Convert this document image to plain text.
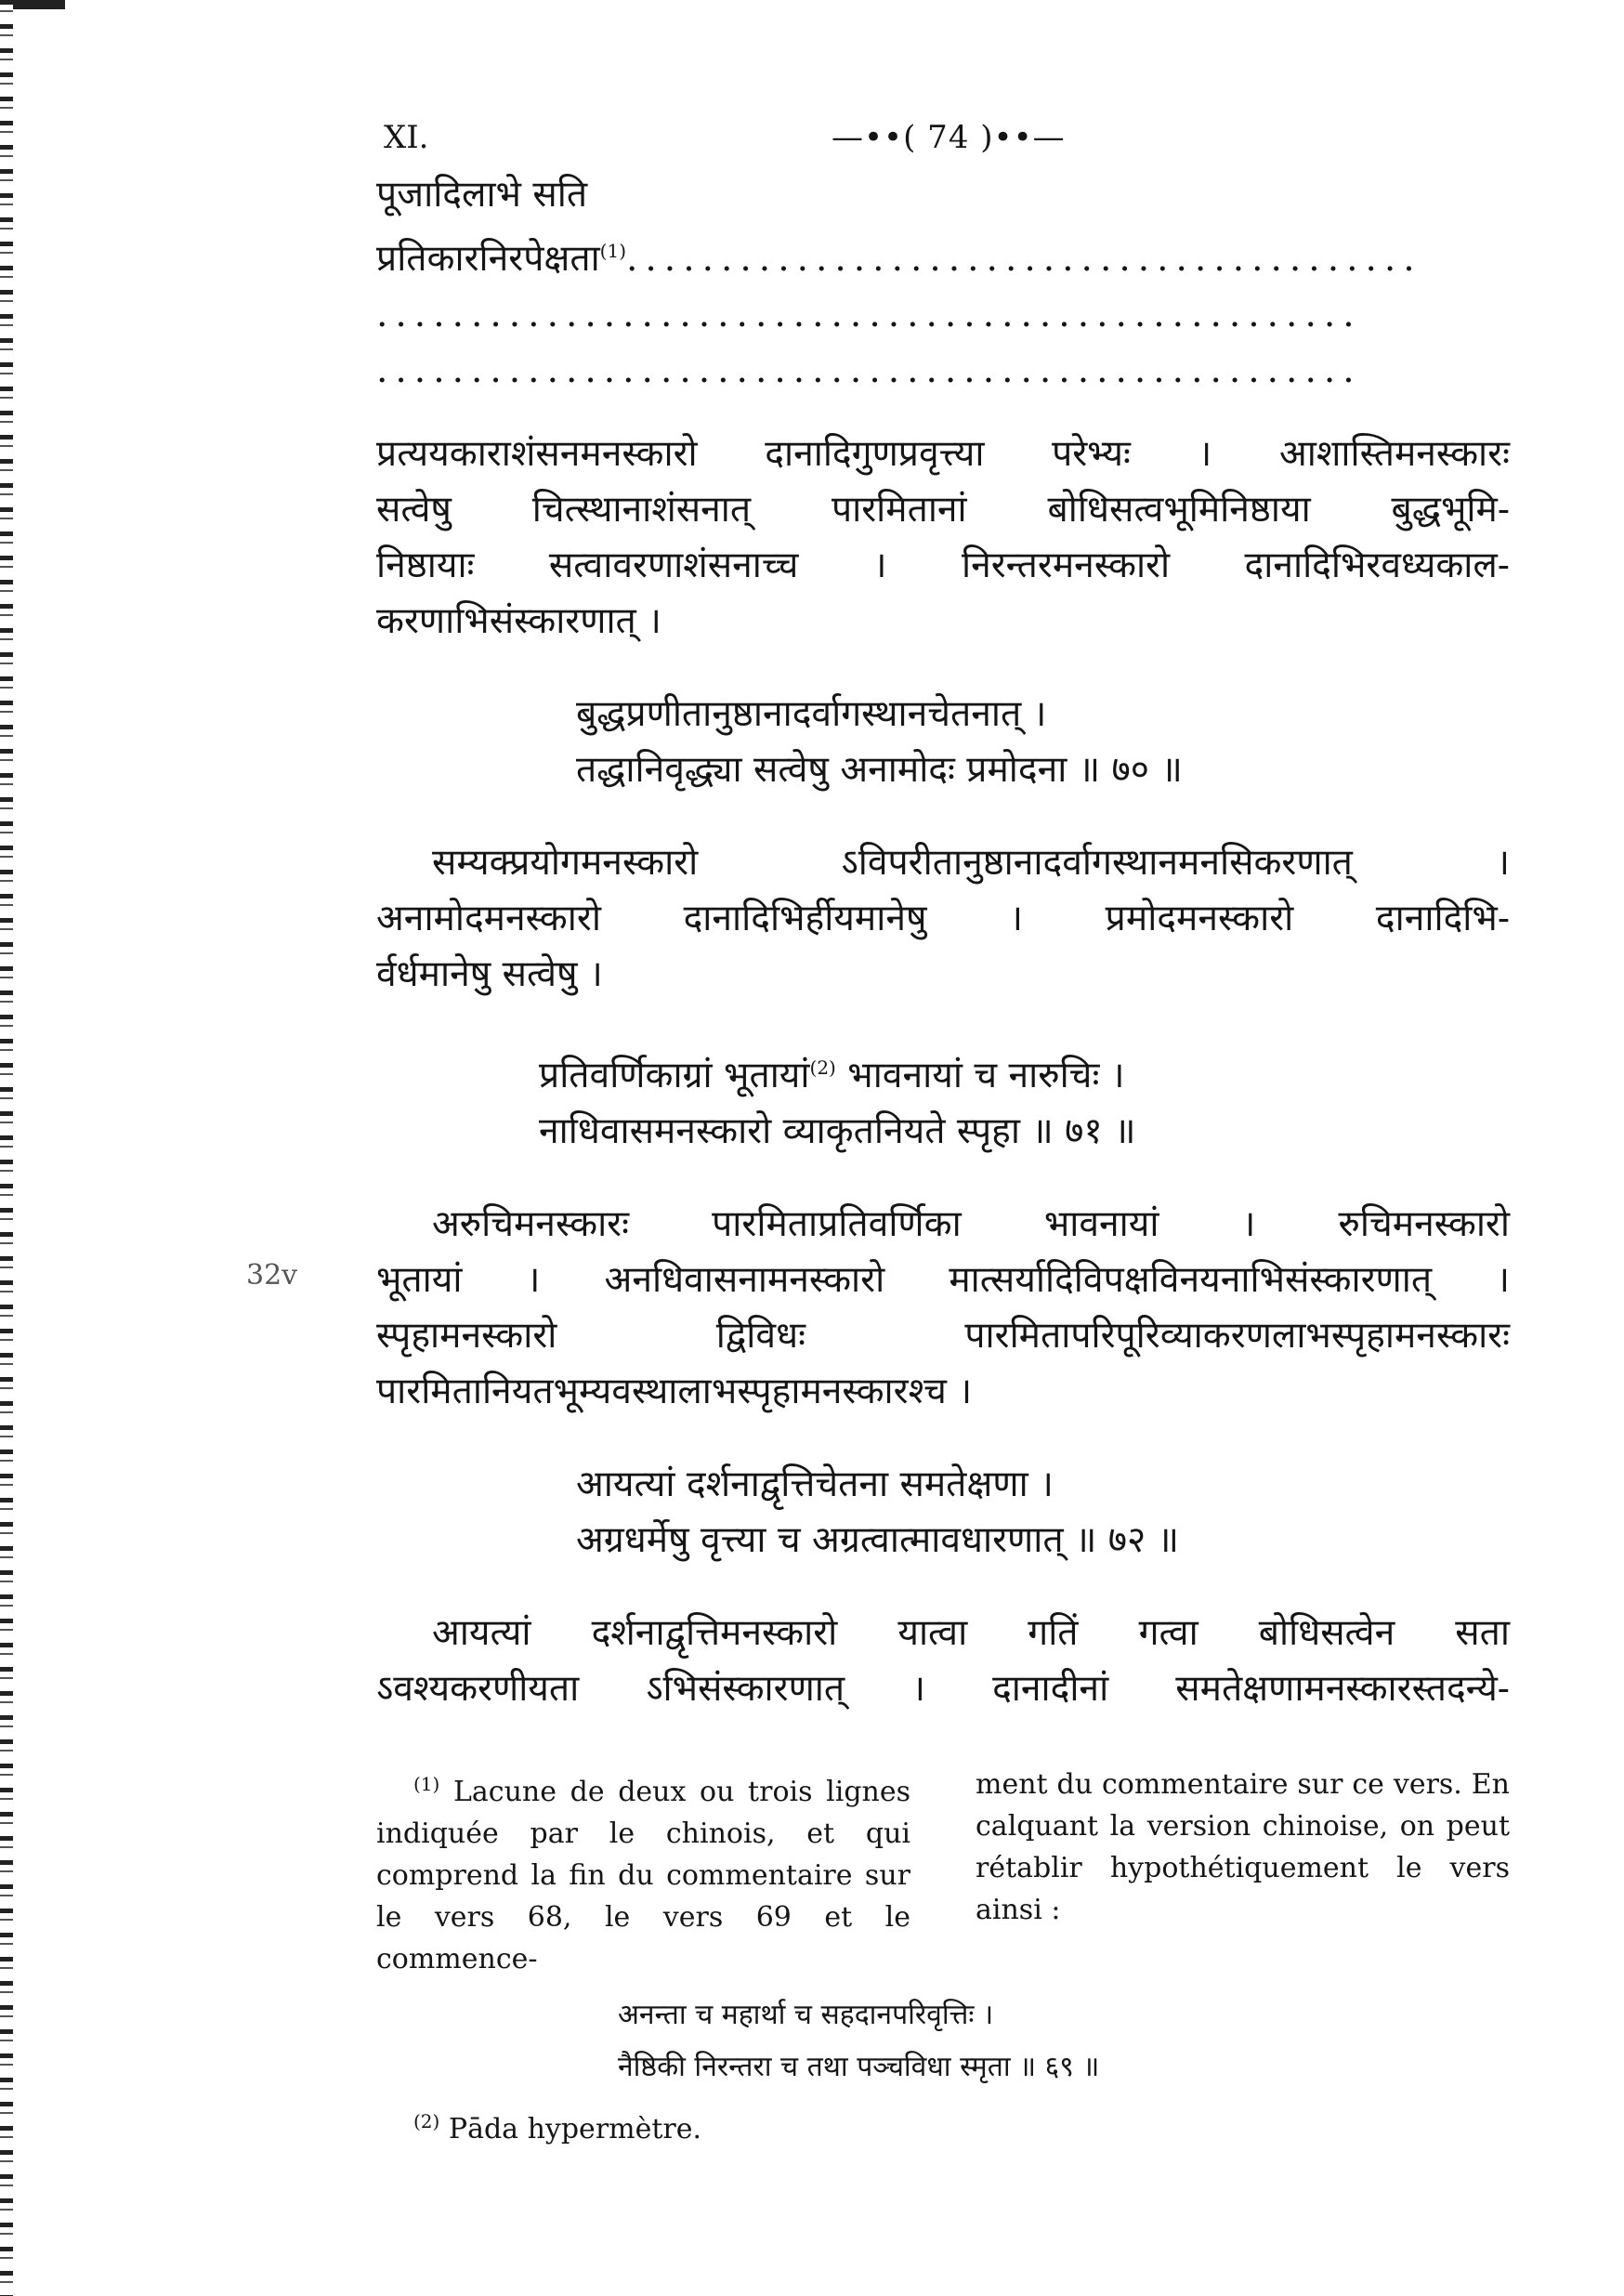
32v
XI.	—••( 74 )••—
पूजादिलाभे सति प्रतिकारनिरपेक्षता$^{(1)}$..........................................
....................................................
....................................................
प्रत्ययकाराशंसनमनस्कारो दानादिगुणप्रवृत्त्या परेभ्यः । आशास्तिमनस्कारः
सत्वेषु चित्स्थानाशंसनात् पारमितानां बोधिसत्वभूमिनिष्ठाया बुद्धभूमि-
निष्ठायाः सत्वावरणाशंसनाच्च । निरन्तरमनस्कारो दानादिभिरवध्यकाल-
करणाभिसंस्कारणात् ।
बुद्धप्रणीतानुष्ठानादर्वागस्थानचेतनात् ।
तद्धानिवृद्ध्या सत्वेषु अनामोदः प्रमोदना ॥ ७० ॥
सम्यक्प्रयोगमनस्कारो ऽविपरीतानुष्ठानादर्वागस्थानमनसिकरणात् ।
अनामोदमनस्कारो दानादिभिर्हीयमानेषु । प्रमोदमनस्कारो दानादिभि-
र्वर्धमानेषु सत्वेषु ।
प्रतिवर्णिकाग्रां भूतायां$^{(2)}$ भावनायां च नारुचिः ।
नाधिवासमनस्कारो व्याकृतनियते स्पृहा ॥ ७१ ॥
अरुचिमनस्कारः पारमिताप्रतिवर्णिका भावनायां । रुचिमनस्कारो
भूतायां । अनधिवासनामनस्कारो मात्सर्यादिविपक्षविनयनाभिसंस्कारणात् ।
स्पृहामनस्कारो द्विविधः पारमितापरिपूरिव्याकरणलाभस्पृहामनस्कारः
पारमितानियतभूम्यवस्थालाभस्पृहामनस्कारश्च ।
आयत्यां दर्शनाद्वृत्तिचेतना समतेक्षणा ।
अग्रधर्मेषु वृत्त्या च अग्रत्वात्मावधारणात् ॥ ७२ ॥
आयत्यां दर्शनाद्वृत्तिमनस्कारो यात्वा गतिं गत्वा बोधिसत्वेन सता
ऽवश्यकरणीयता ऽभिसंस्कारणात् । दानादीनां समतेक्षणामनस्कारस्तदन्ये-

$^{(1)}$ Lacune de deux ou trois lignes indiquée par le chinois, et qui comprend la fin du commentaire sur le vers 68, le vers 69 et le commence-

ment du commentaire sur ce vers. En calquant la version chinoise, on peut rétablir hypothétiquement le vers ainsi :

अनन्ता च महार्था च सहदानपरिवृत्तिः ।
नैष्ठिकी निरन्तरा च तथा पञ्चविधा स्मृता ॥ ६९ ॥
$^{(2)}$ Pāda hypermètre.
